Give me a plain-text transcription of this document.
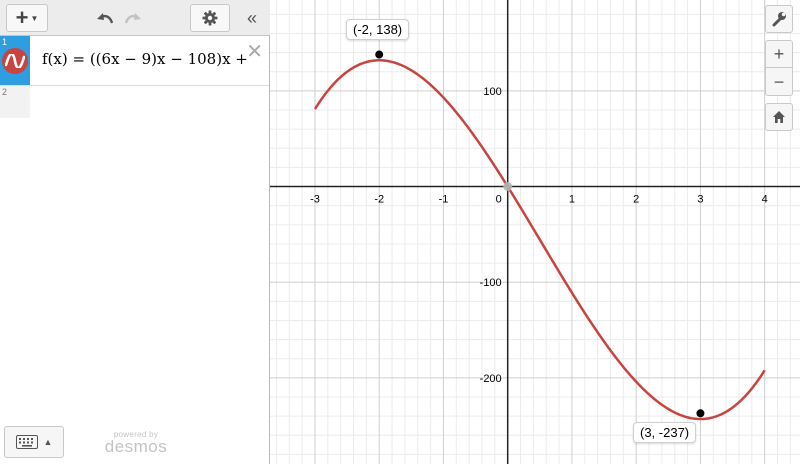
+ ▼	«
1
f(x) = ((6x − 9)x − 108)x +
✕
2
▲
powered by
desmos
-3	-2	-1	1	2	3	4
100
-100
-200
0
(-2, 138)
(3, -237)
+
−
